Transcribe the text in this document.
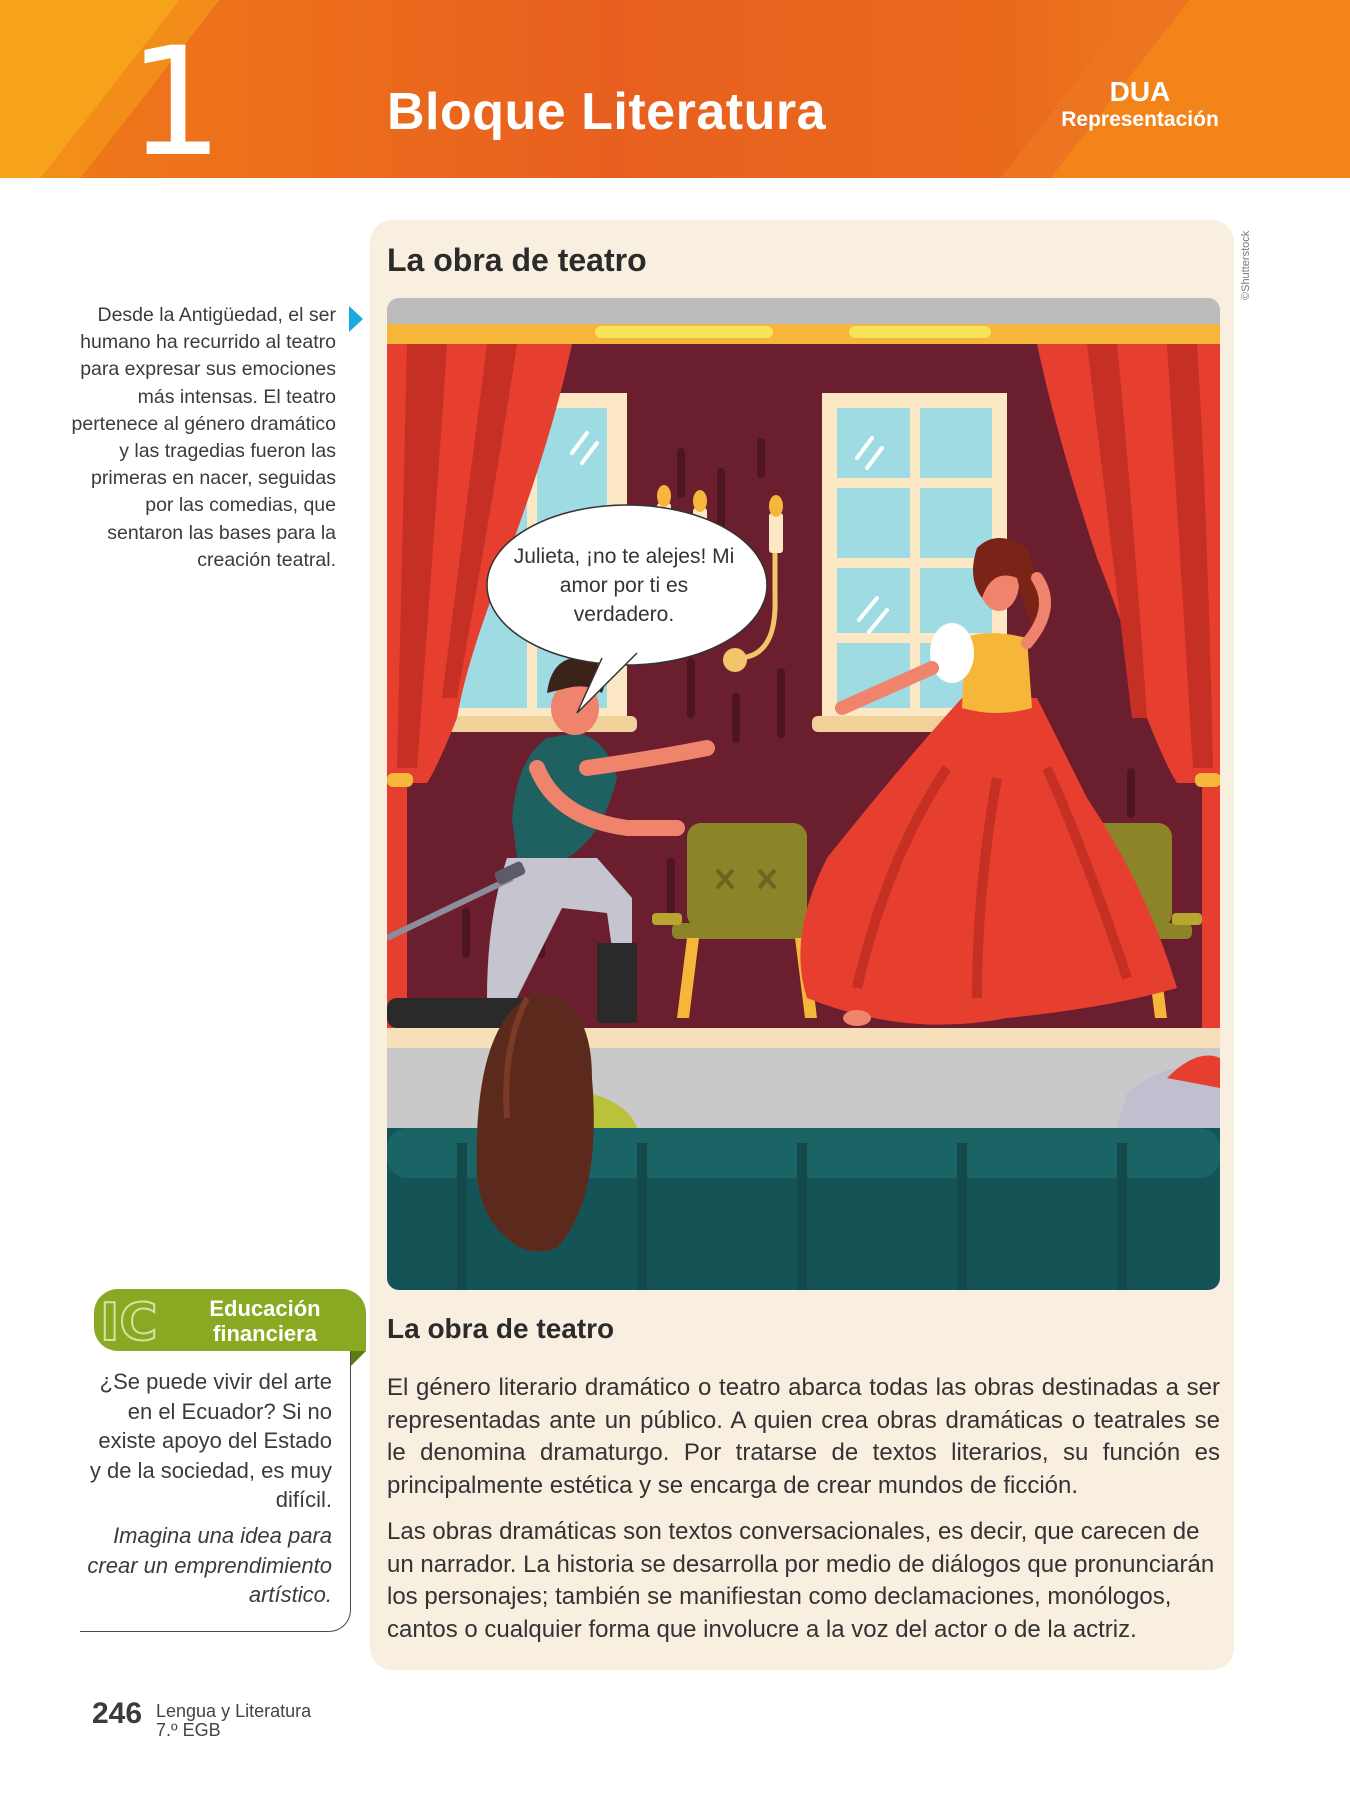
1	Bloque Literatura	DUA
Representación
Desde la Antigüedad, el ser humano ha recurrido al teatro para expresar sus emociones más intensas. El teatro pertenece al género dramático y las tragedias fueron las primeras en nacer, seguidas por las comedias, que sentaron las bases para la creación teatral.
La obra de teatro	©Shutterstock
Julieta, ¡no te alejes! Mi amor por ti es verdadero.
La obra de teatro
El género literario dramático o teatro abarca todas las obras destinadas a ser representadas ante un público. A quien crea obras dramáticas o teatrales se le denomina dramaturgo. Por tratarse de textos literarios, su función es principalmente estética y se encarga de crear mundos de ficción.
Las obras dramáticas son textos conversacionales, es decir, que carecen de un narrador. La historia se desarrolla por medio de diálogos que pronunciarán los personajes; también se manifiestan como declamaciones, monólogos, cantos o cualquier forma que involucre a la voz del actor o de la actriz.
IC	Educación financiera
¿Se puede vivir del arte en el Ecuador? Si no existe apoyo del Estado y de la sociedad, es muy difícil.
Imagina una idea para crear un emprendimiento artístico.
246 Lengua y Literatura
7.º EGB
